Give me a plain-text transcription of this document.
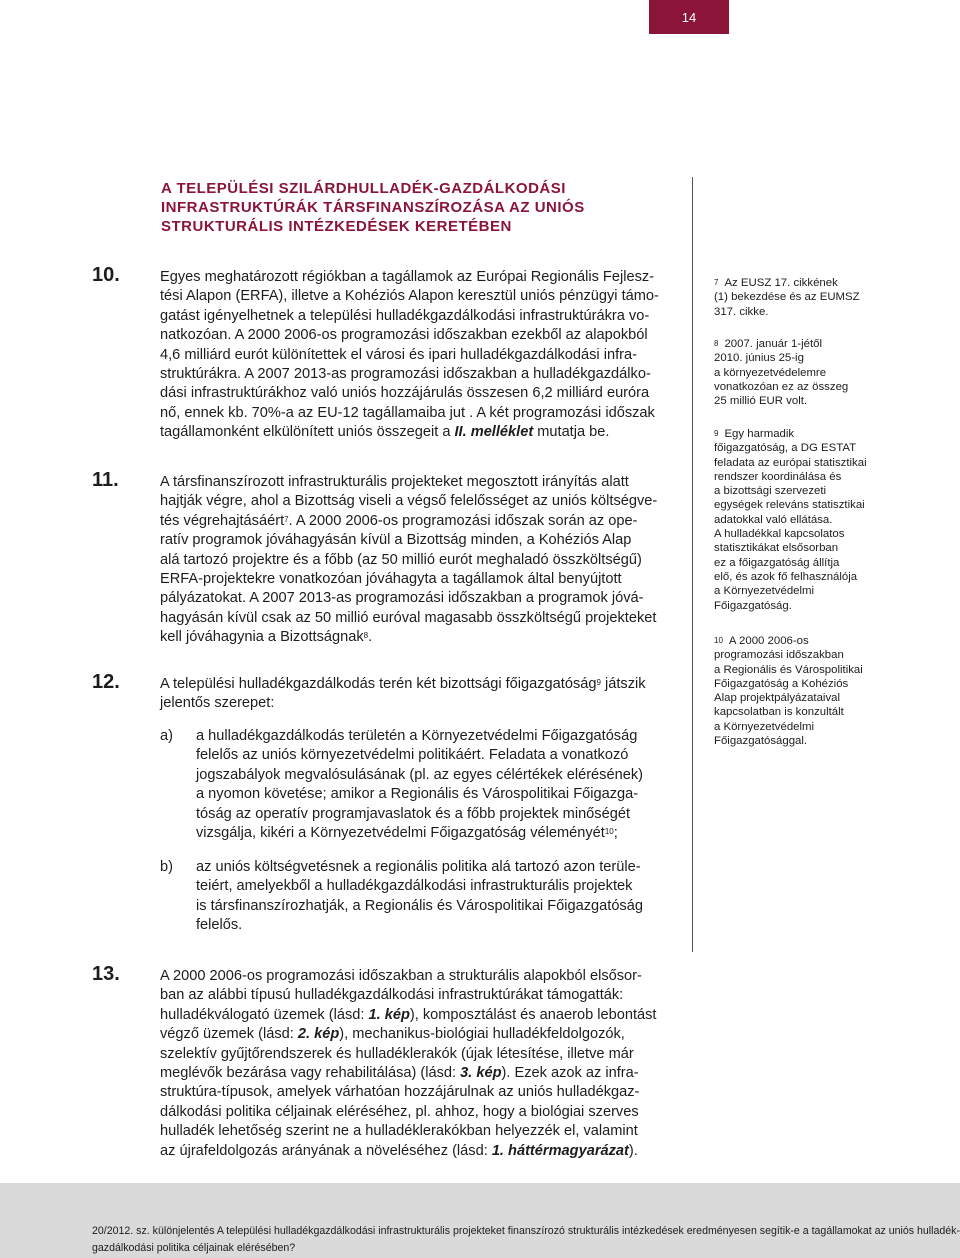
14
A TELEPÜLÉSI SZILÁRDHULLADÉK-GAZDÁLKODÁSI
INFRASTRUKTÚRÁK TÁRSFINANSZÍROZÁSA AZ UNIÓS
STRUKTURÁLIS INTÉZKEDÉSEK KERETÉBEN
10.	Egyes meghatározott régiókban a tagállamok az Európai Regionális Fejlesz-
tési Alapon (ERFA), illetve a Kohéziós Alapon keresztül uniós pénzügyi támo-
gatást igényelhetnek a települési hulladékgazdálkodási infrastruktúrákra vo-
natkozóan. A 2000 2006-os programozási időszakban ezekből az alapokból
4,6 milliárd eurót különítettek el városi és ipari hulladékgazdálkodási infra-
struktúrákra. A 2007 2013-as programozási időszakban a hulladékgazdálko-
dási infrastruktúrákhoz való uniós hozzájárulás összesen 6,2 milliárd euróra
nő, ennek kb. 70%-a az EU-12 tagállamaiba jut . A két programozási időszak
tagállamonként elkülönített uniós összegeit a II. melléklet mutatja be.
11.	A társfinanszírozott infrastrukturális projekteket megosztott irányítás alatt
hajtják végre, ahol a Bizottság viseli a végső felelősséget az uniós költségve-
tés végrehajtásáért$^7$. A 2000 2006-os programozási időszak során az ope-
ratív programok jóváhagyásán kívül a Bizottság minden, a Kohéziós Alap
alá tartozó projektre és a főbb (az 50 millió eurót meghaladó összköltségű)
ERFA-projektekre vonatkozóan jóváhagyta a tagállamok által benyújtott
pályázatokat. A 2007 2013-as programozási időszakban a programok jóvá-
hagyásán kívül csak az 50 millió euróval magasabb összköltségű projekteket
kell jóváhagynia a Bizottságnak$^8$.
12.	A települési hulladékgazdálkodás terén két bizottsági főigazgatóság$^9$ játszik
jelentős szerepet:
a) a hulladékgazdálkodás területén a Környezetvédelmi Főigazgatóság
felelős az uniós környezetvédelmi politikáért. Feladata a vonatkozó
jogszabályok megvalósulásának (pl. az egyes célértékek elérésének)
a nyomon követése; amikor a Regionális és Várospolitikai Főigazga-
tóság az operatív programjavaslatok és a főbb projektek minőségét
vizsgálja, kikéri a Környezetvédelmi Főigazgatóság véleményét$^{10}$;
b) az uniós költségvetésnek a regionális politika alá tartozó azon terüle-
teiért, amelyekből a hulladékgazdálkodási infrastrukturális projektek
is társfinanszírozhatják, a Regionális és Várospolitikai Főigazgatóság
felelős.
13.	A 2000 2006-os programozási időszakban a strukturális alapokból elsősor-
ban az alábbi típusú hulladékgazdálkodási infrastruktúrákat támogatták:
hulladékválogató üzemek (lásd: 1. kép), komposztálást és anaerob lebontást
végző üzemek (lásd: 2. kép), mechanikus-biológiai hulladékfeldolgozók,
szelektív gyűjtőrendszerek és hulladéklerakók (újak létesítése, illetve már
meglévők bezárása vagy rehabilitálása) (lásd: 3. kép). Ezek azok az infra-
struktúra-típusok, amelyek várhatóan hozzájárulnak az uniós hulladékgaz-
dálkodási politika céljainak eléréséhez, pl. ahhoz, hogy a biológiai szerves
hulladék lehetőség szerint ne a hulladéklerakókban helyezzék el, valamint
az újrafeldolgozás arányának a növeléséhez (lásd: 1. háttérmagyarázat).
$^7$ Az EUSZ 17. cikkének
(1) bekezdése és az EUMSZ
317. cikke.
$^8$ 2007. január 1-jétől
2010. június 25-ig
a környezetvédelemre
vonatkozóan ez az összeg
25 millió EUR volt.
$^9$ Egy harmadik
főigazgatóság, a DG ESTAT
feladata az európai statisztikai
rendszer koordinálása és
a bizottsági szervezeti
egységek releváns statisztikai
adatokkal való ellátása.
A hulladékkal kapcsolatos
statisztikákat elsősorban
ez a főigazgatóság állítja
elő, és azok fő felhasználója
a Környezetvédelmi
Főigazgatóság.
$^{10}$ A 2000 2006-os
programozási időszakban
a Regionális és Várospolitikai
Főigazgatóság a Kohéziós
Alap projektpályázataival
kapcsolatban is konzultált
a Környezetvédelmi
Főigazgatósággal.
20/2012. sz. különjelentés A települési hulladékgazdálkodási infrastrukturális projekteket finanszírozó strukturális intézkedések eredményesen segítik-e a tagállamokat az uniós hulladék-
gazdálkodási politika céljainak elérésében?
